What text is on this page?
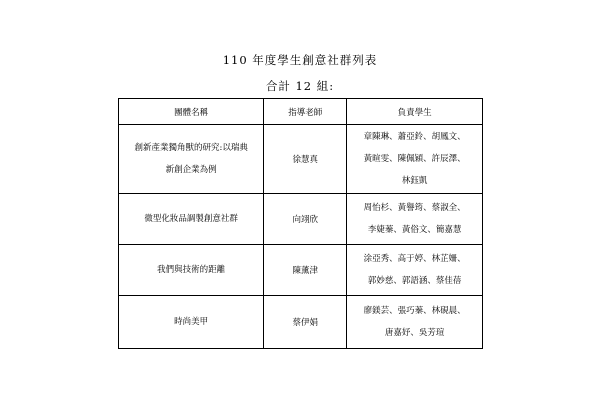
110 年度學生創意社群列表
合計 12 組:
團體名稱	指導老師	負責學生

創新產業獨角獸的研究:以瑞典
新創企業為例	徐慧真	章陳琳、蕭亞鈴、胡鳳文、
黃暄雯、陳佩穎、許辰澤、
林鈺凱

微型化妝品調製創意社群	向翊欣	周怡杉、黃譽筠、蔡淑全、
李婕蓁、黃俗文、簡嘉慧

我們與技術的距離	陳薰津	涂亞秀、高于婷、林芷姍、
郭妙慈、郭語涵、蔡佳蓓

時尚美甲	蔡伊娟	廖鎂芸、張巧蓁、林硯晨、
唐嘉妤、吳芳瑄
